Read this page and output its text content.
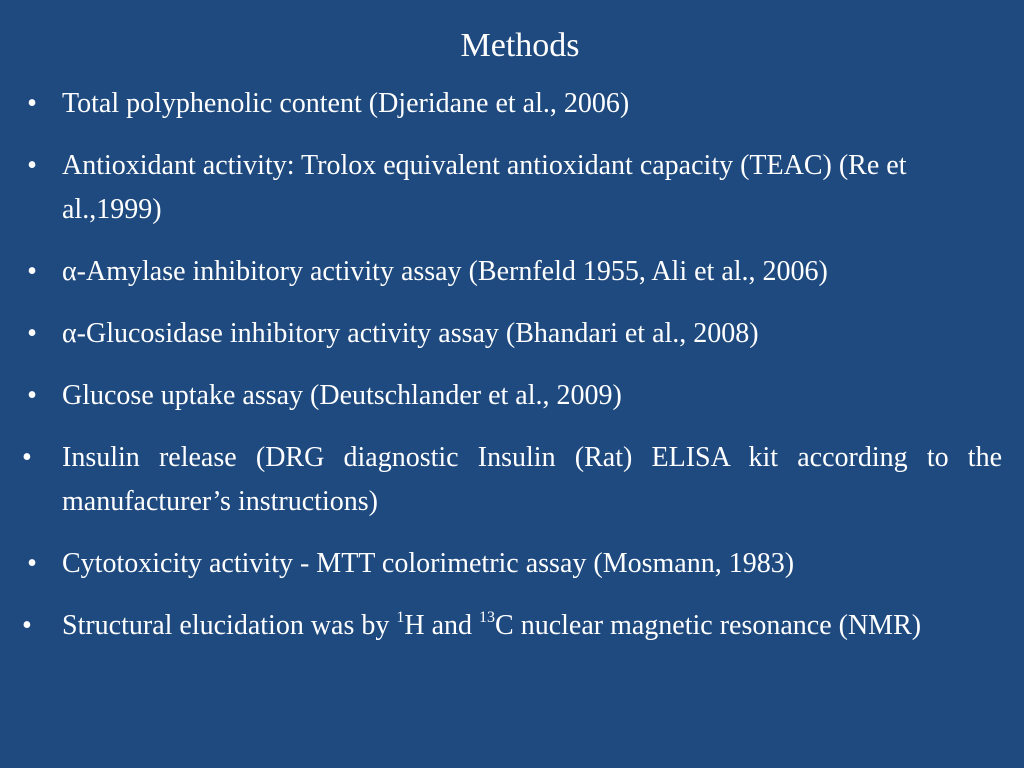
Methods
• Total polyphenolic content (Djeridane et al., 2006)
• Antioxidant activity: Trolox equivalent antioxidant capacity (TEAC) (Re et al.,1999)
• α-Amylase inhibitory activity assay (Bernfeld 1955, Ali et al., 2006)
• α-Glucosidase inhibitory activity assay (Bhandari et al., 2008)
• Glucose uptake assay (Deutschlander et al., 2009)
•	Insulin release (DRG diagnostic Insulin (Rat) ELISA kit according to the manufacturer’s instructions)
• Cytotoxicity activity - MTT colorimetric assay (Mosmann, 1983)
•	Structural elucidation was by $^1$H and $^{13}$C nuclear magnetic resonance (NMR)
